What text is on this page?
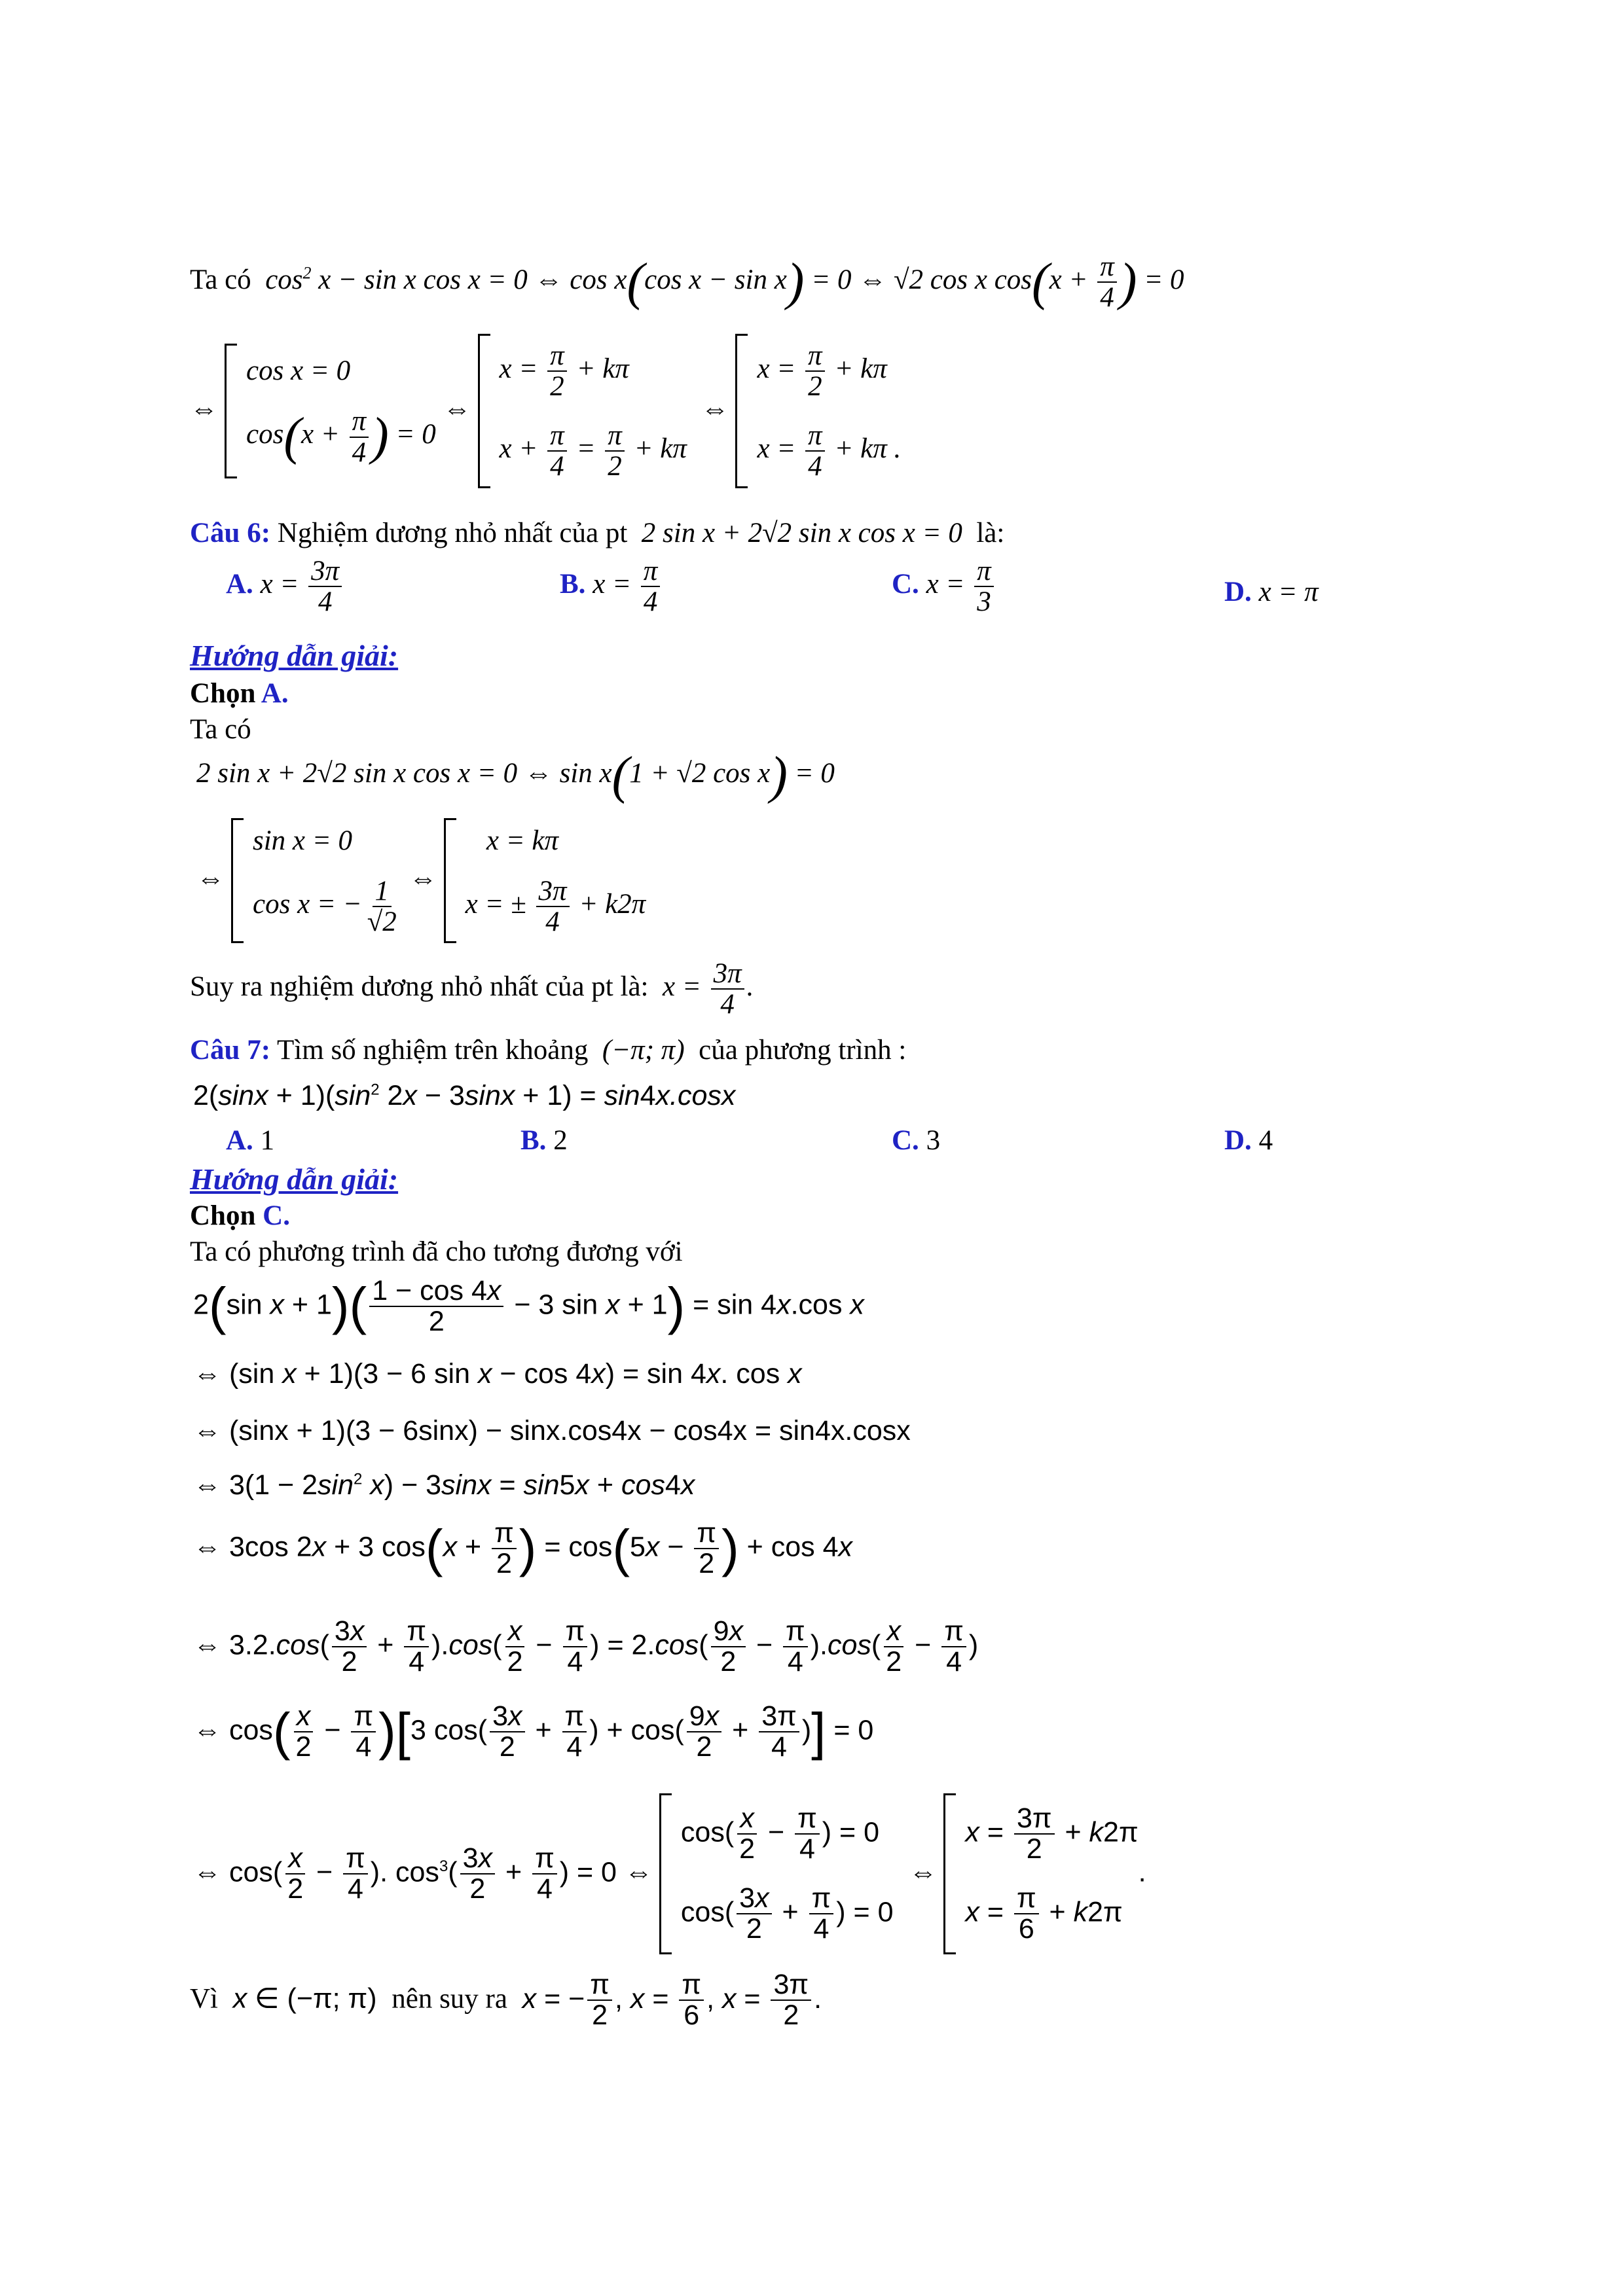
Ta có  $\cos^2 x - \sin x$ cos x = 0 ⇔ cos x(cos x − sin x) = 0 ⇔ √2 cos x $\cos(x + \frac{\pi}{4}$ ) = 0
⇔
cos x = 0
$\cos(x + \frac{\pi}{4}$ ) = 0
⇔
$x = \frac{\pi}{2} + k\pi$
$x + \frac{\pi}{4} = \frac{\pi}{2} + k\pi$
⇔
$x = \frac{\pi}{2} + k\pi$
$x = \frac{\pi}{4} + k\pi$ .
Câu 6: Nghiệm dương nhỏ nhất của pt  2 sin x + 2√2 sin x cos x = 0  là:
A. $x = \frac{3\pi}{4}$	B. $x = \frac{\pi}{4}$	C. $x = \frac{\pi}{3}$	D. x = π
Hướng dẫn giải:
Chọn A.
Ta có
2 sin x + 2√2 sin x cos x = 0 ⇔ sin x(1 + √2 cos x) = 0
⇔
sin x = 0
cos x = − $\frac{1}{√2}$ ⇔
x = kπ
x = ± $\frac{3\pi}{4} + k2\pi$
Suy ra nghiệm dương nhỏ nhất của pt là:  $x = \frac{3\pi}{4}$ .
Câu 7: Tìm số nghiệm trên khoảng  (−π; π)  của phương trình :
$2(\sin x + 1)(\sin^2$ 2x − 3sinx + 1) = sin4x.cosx
A. 1	B. 2	C. 3	D. 4
Hướng dẫn giải:
Chọn C.
Ta có phương trình đã cho tương đương với
2(sin $x + 1)( \frac{1 - \cos 4x}{2} - 3$ sin x + 1) = sin 4x.cos x
⇔ (sin x + 1)(3 − 6 sin x − cos 4x) = sin 4x. cos x
⇔ (sinx + 1)(3 − 6sinx) − sinx.cos4x − cos4x = sin4x.cosx
⇔ $3(1 - 2\sin^2$ x) − 3sinx = sin5x + cos4x
⇔ 3cos 2x + 3 $\cos(x + \frac{\pi}{2}$ ) = $\cos(5x - \frac{\pi}{2}$ ) + cos 4x
⇔ $3.2.\cos( \frac{3x}{2} + \frac{\pi}{4} ).\cos( \frac{x}{2} - \frac{\pi}{4}$ ) = $2.\cos( \frac{9x}{2} - \frac{\pi}{4} ).\cos( \frac{x}{2} - \frac{\pi}{4}$ )
⇔ $\cos( \frac{x}{2} - \frac{\pi}{4} )[3$ $\cos( \frac{3x}{2} + \frac{\pi}{4}$ ) + $\cos( \frac{9x}{2} + \frac{3\pi}{4}$ )] = 0
⇔ $\cos( \frac{x}{2} - \frac{\pi}{4}$ ). $\cos^3( \frac{3x}{2} + \frac{\pi}{4}$ ) = 0 ⇔
$\cos( \frac{x}{2} - \frac{\pi}{4}$ ) = 0
$\cos( \frac{3x}{2} + \frac{\pi}{4}$ ) = 0
⇔
$x = \frac{3\pi}{2} + k2\pi$
$x = \frac{\pi}{6} + k2\pi$
.
Vì x ∈ (−π; π)  nên suy ra x = − $\frac{\pi}{2}$ , $x = \frac{\pi}{6}$ , $x = \frac{3\pi}{2}$ .
